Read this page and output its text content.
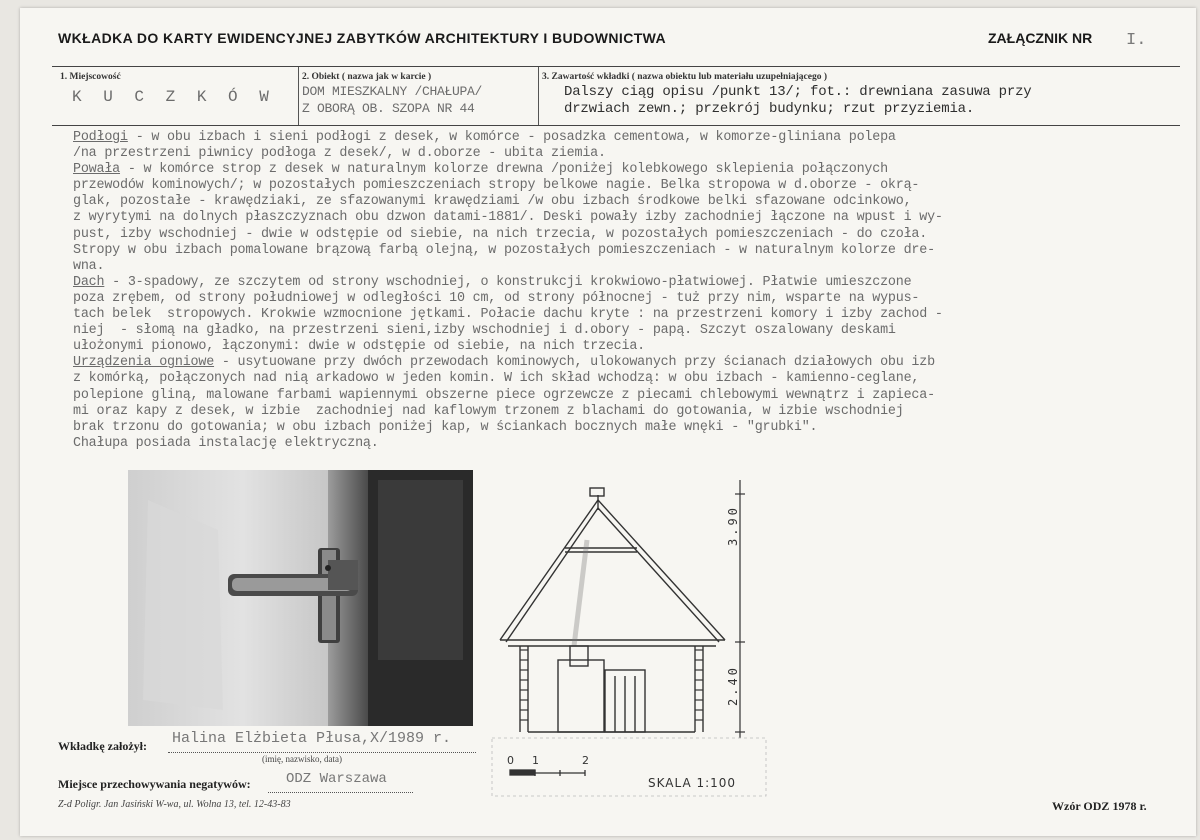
WKŁADKA DO KARTY EWIDENCYJNEJ ZABYTKÓW ARCHITEKTURY I BUDOWNICTWA	ZAŁĄCZNIK NR I.
1. Miejscowość
K U C Z K Ó W
2. Obiekt ( nazwa jak w karcie )
DOM MIESZKALNY /CHAŁUPA/
Z OBORĄ OB. SZOPA NR 44
3. Zawartość wkładki ( nazwa obiektu lub materiału uzupełniającego )
Dalszy ciąg opisu /punkt 13/; fot.: drewniana zasuwa przy
drzwiach zewn.; przekrój budynku; rzut przyziemia.
Podłogi - w obu izbach i sieni podłogi z desek, w komórce - posadzka cementowa, w komorze-gliniana polepa
/na przestrzeni piwnicy podłoga z desek/, w d.oborze - ubita ziemia.
Powała - w komórce strop z desek w naturalnym kolorze drewna /poniżej kolebkowego sklepienia połączonych
przewodów kominowych/; w pozostałych pomieszczeniach stropy belkowe nagie. Belka stropowa w d.oborze - okrą-
glak, pozostałe - krawędziaki, ze sfazowanymi krawędziami /w obu izbach środkowe belki sfazowane odcinkowo,
z wyrytymi na dolnych płaszczyznach obu dzwon datami-1881/. Deski powały izby zachodniej łączone na wpust i wy-
pust, izby wschodniej - dwie w odstępie od siebie, na nich trzecia, w pozostałych pomieszczeniach - do czoła.
Stropy w obu izbach pomalowane brązową farbą olejną, w pozostałych pomieszczeniach - w naturalnym kolorze dre-
wna.
Dach - 3-spadowy, ze szczytem od strony wschodniej, o konstrukcji krokwiowo-płatwiowej. Płatwie umieszczone
poza zrębem, od strony południowej w odległości 10 cm, od strony północnej - tuż przy nim, wsparte na wypus-
tach belek  stropowych. Krokwie wzmocnione jętkami. Połacie dachu kryte : na przestrzeni komory i izby zachod -
niej  - słomą na gładko, na przestrzeni sieni,izby wschodniej i d.obory - papą. Szczyt oszalowany deskami
ułożonymi pionowo, łączonymi: dwie w odstępie od siebie, na nich trzecia.
Urządzenia ogniowe - usytuowane przy dwóch przewodach kominowych, ulokowanych przy ścianach działowych obu izb
z komórką, połączonych nad nią arkadowo w jeden komin. W ich skład wchodzą: w obu izbach - kamienno-ceglane,
polepione gliną, malowane farbami wapiennymi obszerne piece ogrzewcze z piecami chlebowymi wewnątrz i zapieca-
mi oraz kapy z desek, w izbie  zachodniej nad kaflowym trzonem z blachami do gotowania, w izbie wschodniej
brak trzonu do gotowania; w obu izbach poniżej kap, w ściankach bocznych małe wnęki - "grubki".
Chałupa posiada instalację elektryczną.
3.90
2.40
0 1	2
SKALA 1:100
Wkładkę założył: Halina Elżbieta Płusa,X/1989 r.
(imię, nazwisko, data)
Miejsce przechowywania negatywów:	ODZ Warszawa
Z-d Poligr. Jan Jasiński W-wa, ul. Wolna 13, tel. 12-43-83	Wzór ODZ 1978 r.
